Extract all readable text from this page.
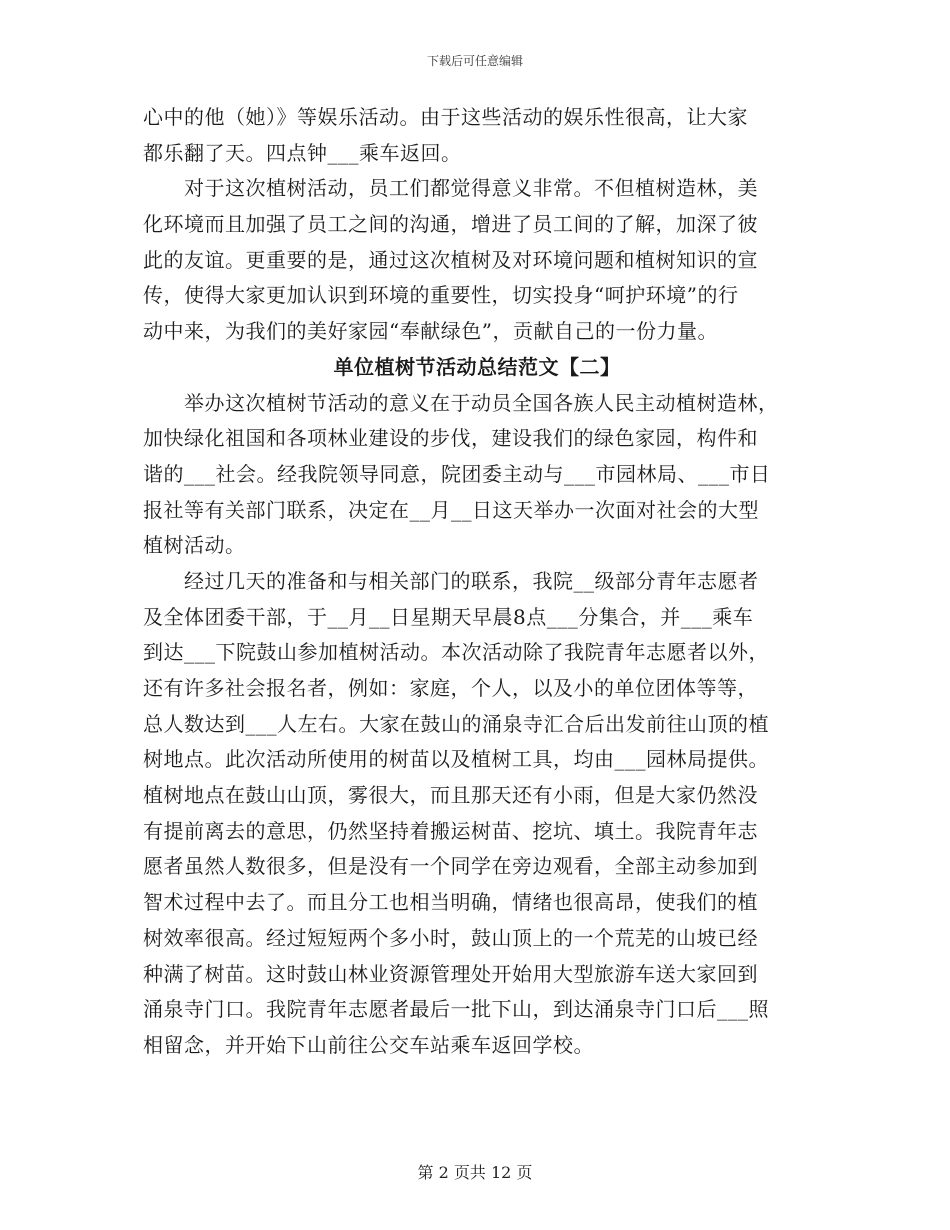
下载后可任意编辑
心中的他（她）》等娱乐活动。由于这些活动的娱乐性很高，让大家
都乐翻了天。四点钟___乘车返回。
　　对于这次植树活动，员工们都觉得意义非常。不但植树造林，美
化环境而且加强了员工之间的沟通，增进了员工间的了解，加深了彼
此的友谊。更重要的是，通过这次植树及对环境问题和植树知识的宣
传，使得大家更加认识到环境的重要性，切实投身“呵护环境”的行
动中来，为我们的美好家园“奉献绿色”，贡献自己的一份力量。
单位植树节活动总结范文【二】
　　举办这次植树节活动的意义在于动员全国各族人民主动植树造林，
加快绿化祖国和各项林业建设的步伐，建设我们的绿色家园，构件和
谐的___社会。经我院领导同意，院团委主动与___市园林局、___市日
报社等有关部门联系，决定在__月__日这天举办一次面对社会的大型
植树活动。
　　经过几天的准备和与相关部门的联系，我院__级部分青年志愿者
及全体团委干部，于__月__日星期天早晨8点___分集合，并___乘车
到达___下院鼓山参加植树活动。本次活动除了我院青年志愿者以外，
还有许多社会报名者，例如：家庭，个人，以及小的单位团体等等，
总人数达到___人左右。大家在鼓山的涌泉寺汇合后出发前往山顶的植
树地点。此次活动所使用的树苗以及植树工具，均由___园林局提供。
植树地点在鼓山山顶，雾很大，而且那天还有小雨，但是大家仍然没
有提前离去的意思，仍然坚持着搬运树苗、挖坑、填土。我院青年志
愿者虽然人数很多，但是没有一个同学在旁边观看，全部主动参加到
智术过程中去了。而且分工也相当明确，情绪也很高昂，使我们的植
树效率很高。经过短短两个多小时，鼓山顶上的一个荒芜的山坡已经
种满了树苗。这时鼓山林业资源管理处开始用大型旅游车送大家回到
涌泉寺门口。我院青年志愿者最后一批下山，到达涌泉寺门口后___照
相留念，并开始下山前往公交车站乘车返回学校。
第 2 页共 12 页
